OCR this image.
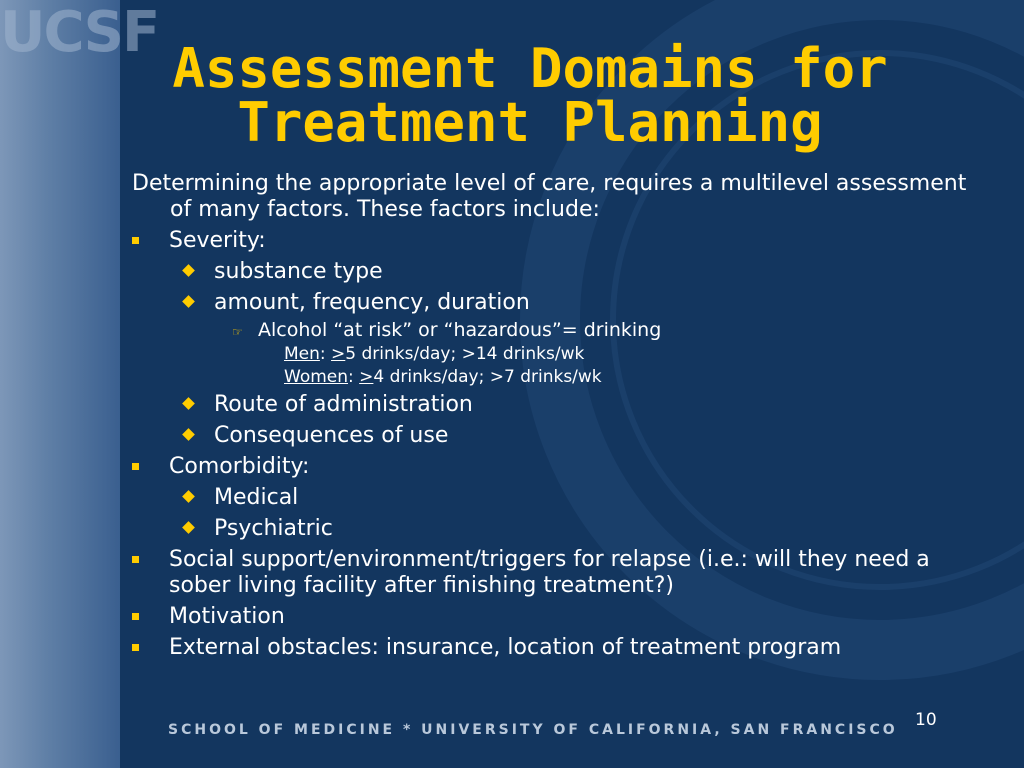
UCSF
Assessment Domains for
Treatment Planning

Determining the appropriate level of care, requires a multilevel assessment of many factors. These factors include:

Severity:
substance type
amount, frequency, duration
☞ Alcohol “at risk” or “hazardous”= drinking
Men: >5 drinks/day; >14 drinks/wk
Women: >4 drinks/day; >7 drinks/wk
Route of administration
Consequences of use
Comorbidity:
Medical
Psychiatric
Social support/environment/triggers for relapse (i.e.: will they need a sober living facility after finishing treatment?)
Motivation
External obstacles: insurance, location of treatment program
10
SCHOOL OF MEDICINE * UNIVERSITY OF CALIFORNIA, SAN FRANCISCO
